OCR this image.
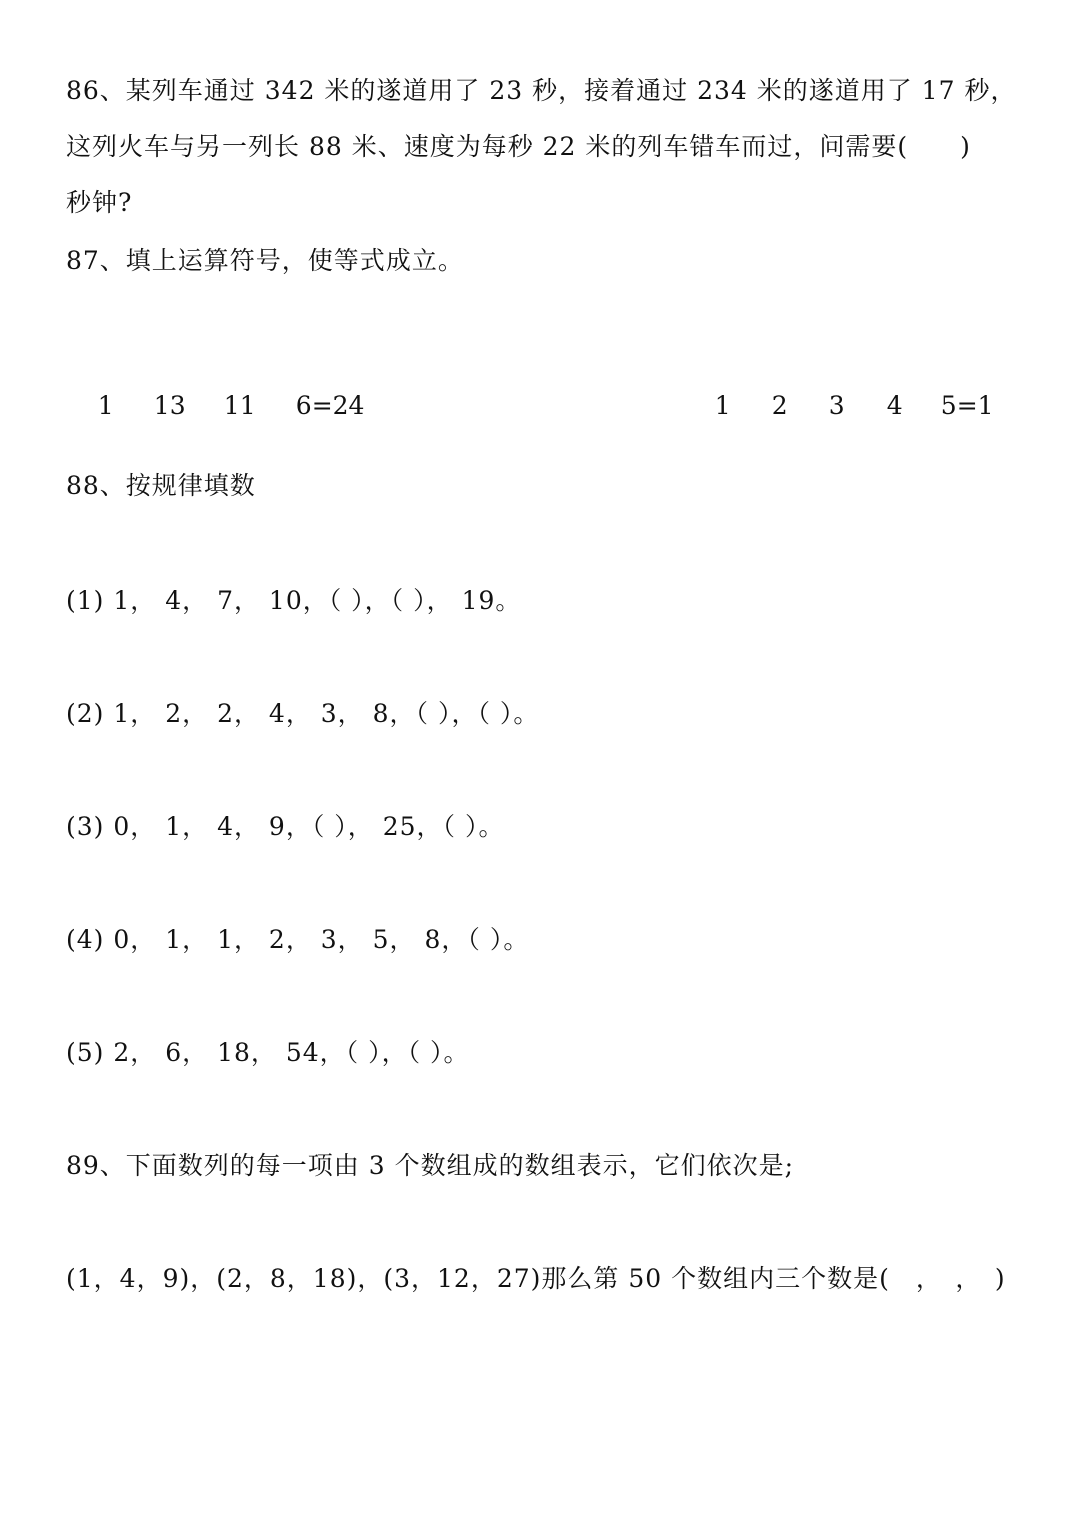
86、某列车通过 342 米的遂道用了 23 秒，接着通过 234 米的遂道用了 17 秒，
这列火车与另一列长 88 米、速度为每秒 22 米的列车错车而过，问需要(　　)
秒钟?
87、填上运算符号，使等式成立。

1 13 11 6=24
	1 2 3 4 5=1

88、按规律填数
(1) 1， 4， 7， 10，（ ），（ ）， 19。
(2) 1， 2， 2， 4， 3， 8，（ ），（ ）。
(3) 0， 1， 4， 9，（ ）， 25，（ ）。
(4) 0， 1， 1， 2， 3， 5， 8，（ ）。
(5) 2， 6， 18， 54，（ ），（ ）。
89、下面数列的每一项由 3 个数组成的数组表示，它们依次是;
(1，4，9)，(2，8，18)，(3，12，27)那么第 50 个数组内三个数是(　，　，　)
